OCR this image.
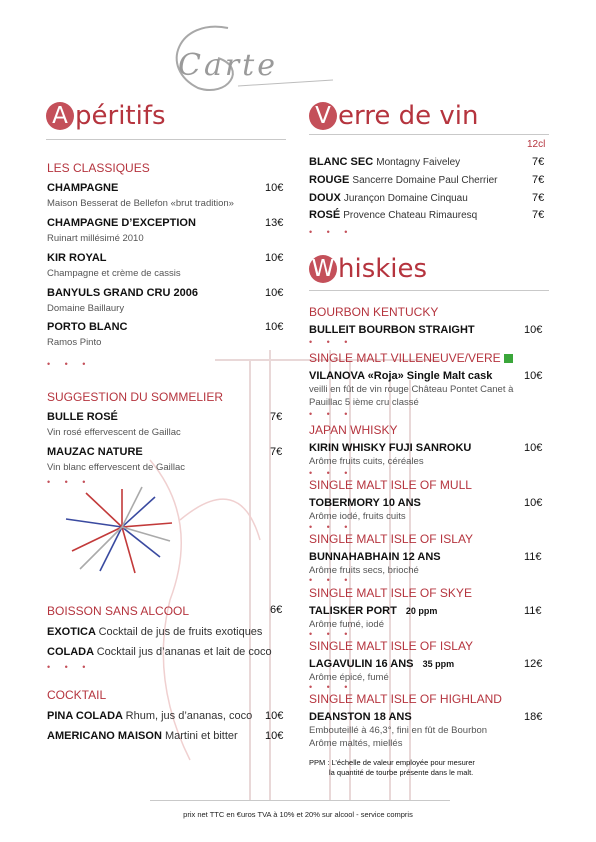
Carte
A péritifs
LES CLASSIQUES
CHAMPAGNE	10€
Maison Besserat de Bellefon «brut tradition»
CHAMPAGNE D’EXCEPTION	13€
Ruinart millésimé 2010
KIR ROYAL	10€
Champagne et crème de cassis
BANYULS GRAND CRU 2006	10€
Domaine Baillaury
PORTO BLANC	10€
Ramos Pinto
• • •
SUGGESTION DU SOMMELIER
BULLE ROSÉ	7€
Vin rosé effervescent de Gaillac
MAUZAC NATURE	7€
Vin blanc effervescent de Gaillac
• • •
BOISSON SANS ALCOOL	6€
EXOTICA Cocktail de jus de fruits exotiques
COLADA Cocktail jus d’ananas et lait de coco
• • •
COCKTAIL
PINA COLADA Rhum, jus d’ananas, coco 10€
AMERICANO MAISON Martini et bitter 10€
V erre de vin
12cl
BLANC SEC Montagny Faiveley	7€
ROUGE Sancerre Domaine Paul Cherrier	7€
DOUX Jurançon Domaine Cinquau	7€
ROSÉ Provence Chateau Rimauresq	7€
• • •
W hiskies
BOURBON KENTUCKY
BULLEIT BOURBON STRAIGHT	10€
• • •
SINGLE MALT VILLENEUVE/VERE
VILANOVA «Roja» Single Malt cask	10€
veilli en fût de vin rouge Château Pontet Canet à
Pauillac 5 ième cru classé
• • •
JAPAN WHISKY
KIRIN WHISKY FUJI SANROKU	10€
Arôme fruits cuits, céréales
• • •
SINGLE MALT ISLE OF MULL
TOBERMORY 10 ANS	10€
Arôme iodé, fruits cuits
• • •
SINGLE MALT ISLE OF ISLAY
BUNNAHABHAIN 12 ANS	11€
Arôme fruits secs, brioché
• • •
SINGLE MALT ISLE OF SKYE
TALISKER PORT 20 ppm	11€
Arôme fumé, iodé
• • •
SINGLE MALT ISLE OF ISLAY
LAGAVULIN 16 ANS 35 ppm	12€
Arôme épicé, fumé
• • •
SINGLE MALT ISLE OF HIGHLAND
DEANSTON 18 ANS	18€
Embouteillé à 46,3°, fini en fût de Bourbon
Arôme maltés, miellés
PPM : L’échelle de valeur employée pour mesurer
la quantité de tourbe présente dans le malt.
prix net TTC en €uros TVA à 10% et 20% sur alcool - service compris
